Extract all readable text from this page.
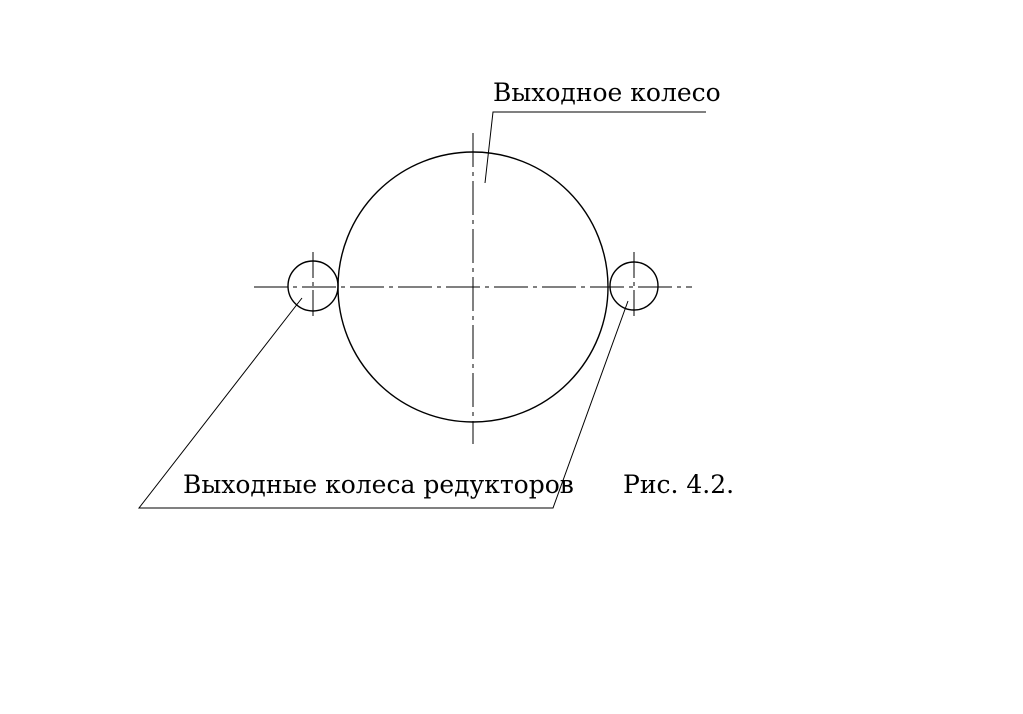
Выходное колесо
Выходные колеса редукторов Рис. 4.2.
